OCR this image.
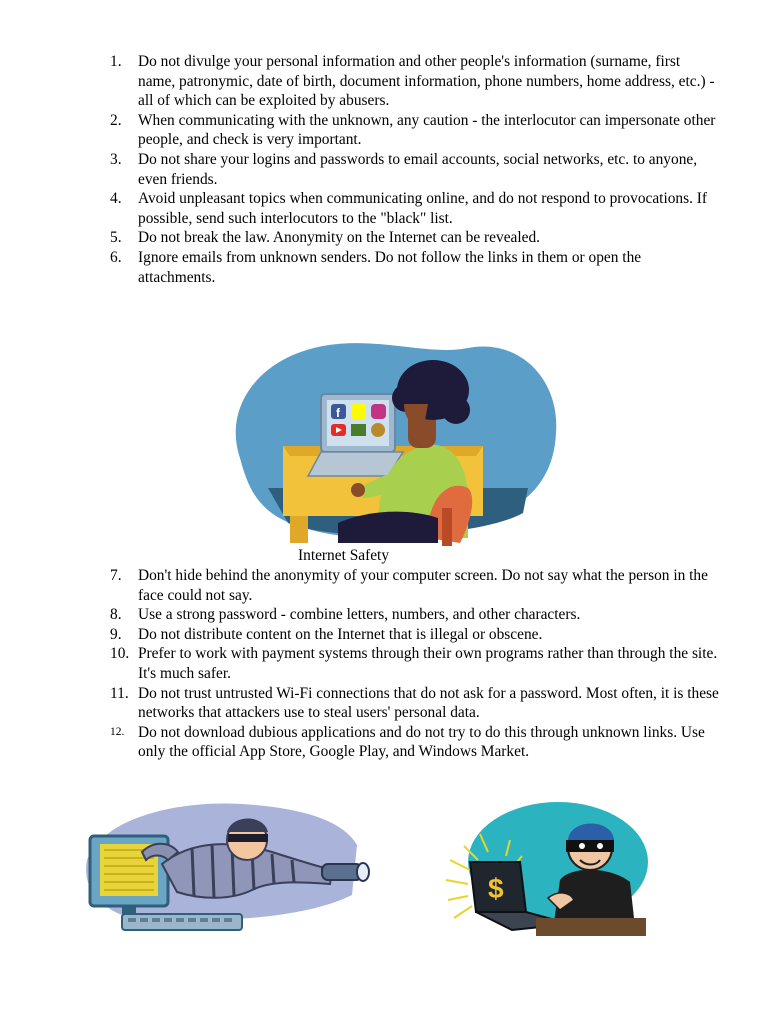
1.	Do not divulge your personal information and other people's information (surname, first name, patronymic, date of birth, document information, phone numbers, home address, etc.) - all of which can be exploited by abusers.
2.	When communicating with the unknown, any caution - the interlocutor can impersonate other people, and check is very important.
3.	Do not share your logins and passwords to email accounts, social networks, etc. to anyone, even friends.
4.	Avoid unpleasant topics when communicating online, and do not respond to provocations. If possible, send such interlocutors to the "black" list.
5.	Do not break the law. Anonymity on the Internet can be revealed.
6.	Ignore emails from unknown senders. Do not follow the links in them or open the attachments.
f
Internet Safety
7.	Don't hide behind the anonymity of your computer screen. Do not say what the person in the face could not say.
8.	Use a strong password - combine letters, numbers, and other characters.
9.	Do not distribute content on the Internet that is illegal or obscene.
10. Prefer to work with payment systems through their own programs rather than through the site. It's much safer.
11. Do not trust untrusted Wi-Fi connections that do not ask for a password. Most often, it is these networks that attackers use to steal users' personal data.
12. Do not download dubious applications and do not try to do this through unknown links. Use only the official App Store, Google Play, and Windows Market.
$
